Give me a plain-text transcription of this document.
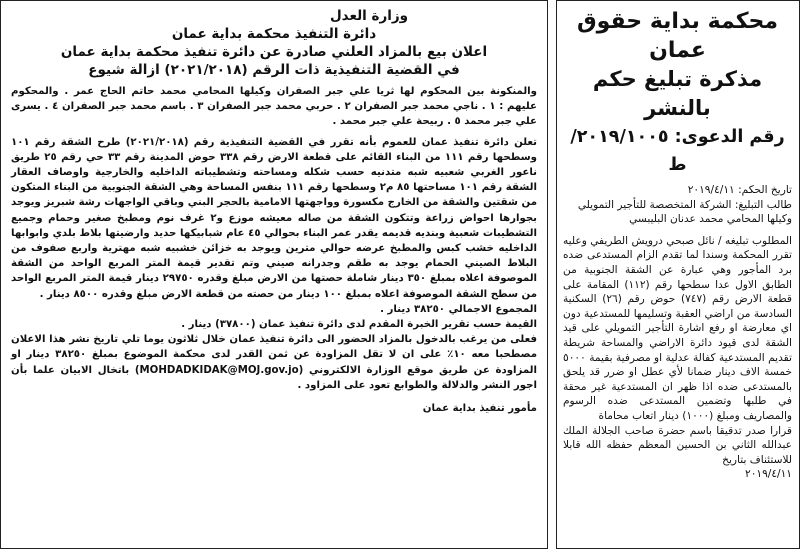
محكمة بداية حقوق عمان

مذكرة تبليغ حكم بالنشر

رقم الدعوى: ٢٠١٩/١٠٠٥/ط

تاريخ الحكم: ٢٠١٩/٤/١١

طالب التبليغ: الشركة المتخصصة للتأجير التمويلي

وكيلها المحامي محمد عدنان البليبسي

المطلوب تبليغه / نائل صبحي درويش الطريفي وعليه تقرر المحكمة وسندا لما تقدم الزام المستدعى ضده برد المأجور وهي عبارة عن الشقة الجنوبية من الطابق الاول عدا سطحها رقم (١١٢) المقامة على قطعة الارض رقم (٧٤٧) حوض رقم (٢٦) السكنية السادسة من اراضي العقبة وتسليمها للمستدعية دون اي معارضة او رفع اشارة التأجير التمويلي على قيد الشقة لدى قيود دائرة الاراضي والمساحة شريطة تقديم المستدعية كفالة عدلية او مصرفية بقيمة ٥٠٠٠ خمسة الاف دينار ضمانا لأي عطل او ضرر قد يلحق بالمستدعى ضده اذا ظهر ان المستدعية غير محقة في طلبها وتضمين المستدعى ضده الرسوم والمصاريف ومبلغ (١٠٠٠) دينار اتعاب محاماة

قرارا صدر تدقيقا باسم حضرة صاحب الجلالة الملك عبدالله الثاني بن الحسين المعظم حفظه الله قابلا للاستئناف بتاريخ

٢٠١٩/٤/١١

وزارة العدل

دائرة التنفيذ محكمة بداية عمان

اعلان بيع بالمزاد العلني صادرة عن دائرة تنفيذ محكمة بداية عمان

في القضية التنفيذية ذات الرقم (٢٠٢١/٢٠١٨) ازالة شيوع

والمنكونة بين المحكوم لها ثريا علي جبر الصفران وكيلها المحامي محمد حاتم الحاج عمر . والمحكوم عليهم : ١ . ناجي محمد جبر الصفران ٢ . حربي محمد جبر الصفران ٣ . باسم محمد جبر الصفران ٤ . يسرى علي جبر محمد ٥ . ربيحة علي جبر محمد .

تعلن دائرة تنفيذ عمان للعموم بأنه تقرر في القضية التنفيذية رقم (٢٠٢١/٢٠١٨) طرح الشقة رقم ١٠١ وسطحها رقم ١١١ من البناء القائم على قطعة الارض رقم ٣٣٨ حوض المدينة رقم ٣٣ حي رقم ٢٥ طريق ناعور الغربي شعبيه شبه متدنيه حسب شكله ومساحته وتشطيباته الداخليه والخارجية واوصاف العقار الشقة رقم ١٠١ مساحتها ٨٥ م٢ وسطحها رقم ١١١ بنفس المساحة وهي الشقة الجنوبية من البناء المتكون من شقتين والشقة من الخارج مكسورة وواجهتها الامامية بالحجر البني وباقي الواجهات رشة شبريز ويوجد بجوارها احواض زراعة وتتكون الشقة من صاله معيشه موزع و٢ غرف نوم ومطبخ صغير وحمام وجميع التشطيبات شعبية وبنديه قديمه يقدر عمر البناء بحوالي ٤٥ عام شبابيكها حديد وارضيتها بلاط بلدي وابوابها الداخليه خشب كبس والمطبخ عرضه حوالي مترين ويوجد به خزائن خشبيه شبه مهترية واربع صفوف من البلاط الصيني الحمام يوجد به طقم وجدرانه صيني وتم تقدير قيمة المتر المربع الواحد من الشقة الموصوفة اعلاه بمبلغ ٣٥٠ دينار شاملة حصتها من الارض مبلغ وقدره ٢٩٧٥٠ دينار قيمة المتر المربع الواحد من سطح الشقة الموصوفة اعلاه بمبلغ ١٠٠ دينار من حصته من قطعة الارض مبلغ وقدره ٨٥٠٠ دينار .

المجموع الاجمالي ٣٨٢٥٠ دينار .

القيمة حسب تقرير الخبرة المقدم لدى دائرة تنفيذ عمان (٣٧٨٠٠) دينار .

فعلى من يرغب بالدخول بالمزاد الحضور الى دائرة تنفيذ عمان خلال ثلاثون يوما تلي تاريخ نشر هذا الاعلان مصطحبا معه ١٠٪ على ان لا تقل المزاودة عن ثمن القدر لدى محكمة الموضوع بمبلغ ٣٨٢٥٠ دينار او المزاودة عن طريق موقع الوزارة الالكتروني (MOHDADKIDAK@MOJ.gov.jo) باتخال الابيان علما بأن اجور النشر والدلالة والطوابع تعود على المزاود .

مأمور تنفيذ بداية عمان
